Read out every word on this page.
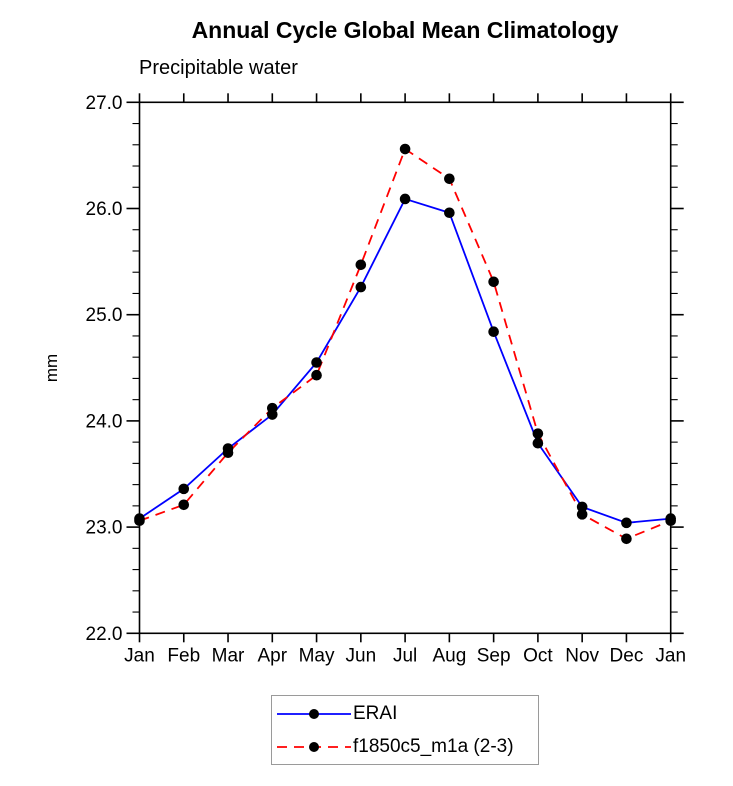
Annual Cycle Global Mean Climatology
Precipitable water
mm
22.0
23.0
24.0
25.0
26.0
27.0
Jan Feb Mar Apr May Jun Jul Aug Sep Oct Nov Dec Jan
ERAI
f1850c5_m1a (2-3)
